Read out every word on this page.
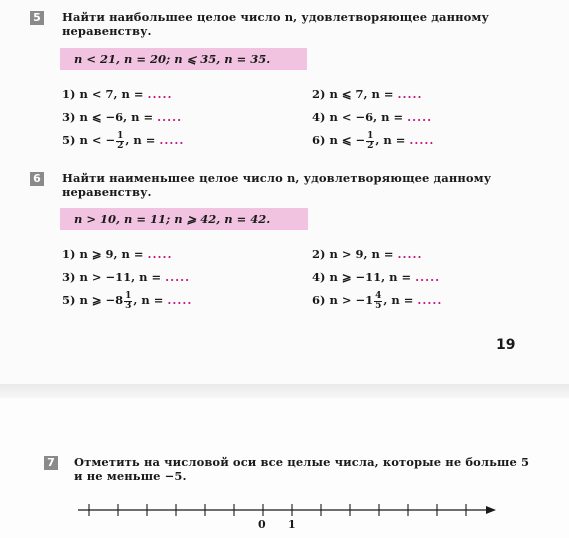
5 Найти наибольшее целое число n, удовлетворяющее данному
неравенству.
n < 21, n = 20; n ⩽ 35, n = 35.
1) n < 7, n = .....	2) n ⩽ 7, n = .....
3) n ⩽ −6, n = .....	4) n < −6, n = .....
5) n < − $\frac{1}{2}$ , n = .....	6) n ⩽ − $\frac{1}{2}$ , n = .....
6 Найти наименьшее целое число n, удовлетворяющее данному
неравенству.
n > 10, n = 11; n ⩾ 42, n = 42.
1) n ⩾ 9, n = .....	2) n > 9, n = .....
3) n > −11, n = .....	4) n ⩾ −11, n = .....
5) n ⩾ $-8 \frac{1}{3}$ , n = .....	6) $n > -1 \frac{4}{5}$ , n = .....
19
7 Отметить на числовой оси все целые числа, которые не больше 5
и не меньше −5.
0 1
